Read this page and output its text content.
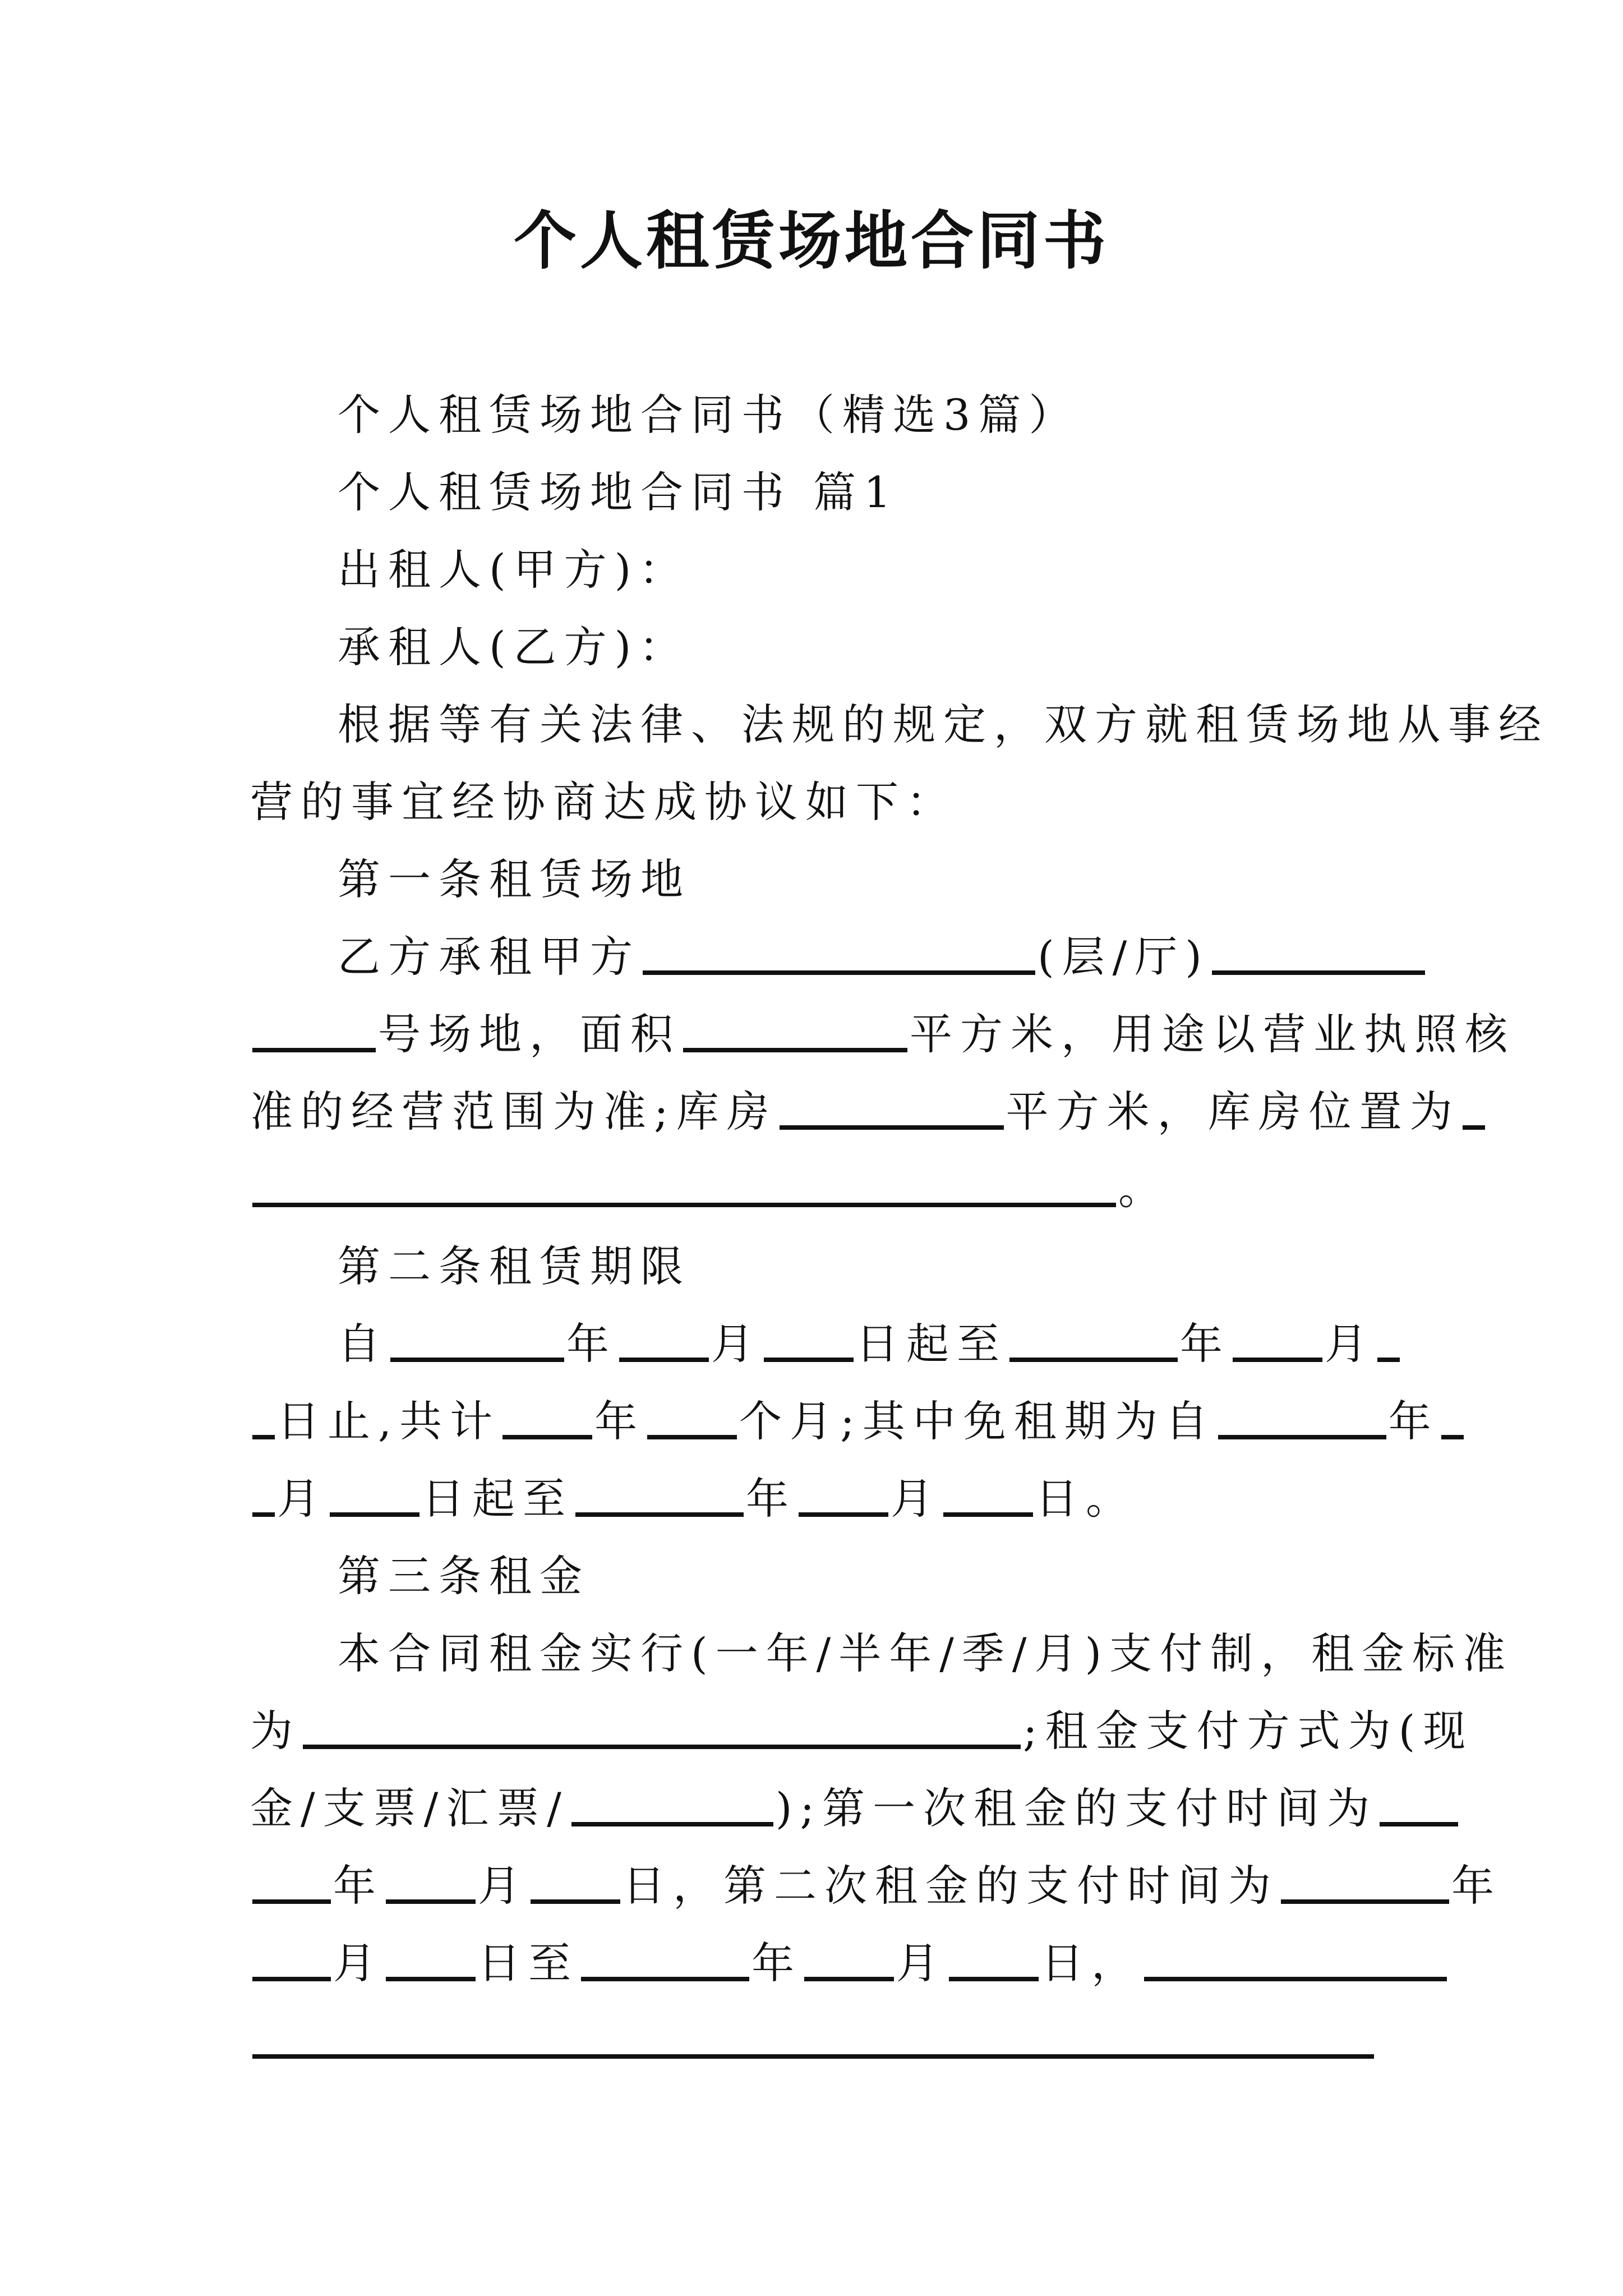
个人租赁场地合同书

个人租赁场地合同书（精选3篇）

个人租赁场地合同书 篇1

出租人(甲方)：

承租人(乙方)：

根据等有关法律、法规的规定，双方就租赁场地从事经

营的事宜经协商达成协议如下：

第一条租赁场地

乙方承租甲方	(层/厅)

号场地，面积	平方米，用途以营业执照核

准的经营范围为准;库房	平方米，库房位置为

。

第二条租赁期限

自	年 月 日起至	年 月

日止,共计 年 个月;其中免租期为自	年

月 日起至	年 月 日。

第三条租金

本合同租金实行(一年/半年/季/月)支付制，租金标准

为	;租金支付方式为(现

金/支票/汇票/	);第一次租金的支付时间为

年 月 日，第二次租金的支付时间为	年

月 日至	年 月 日，
